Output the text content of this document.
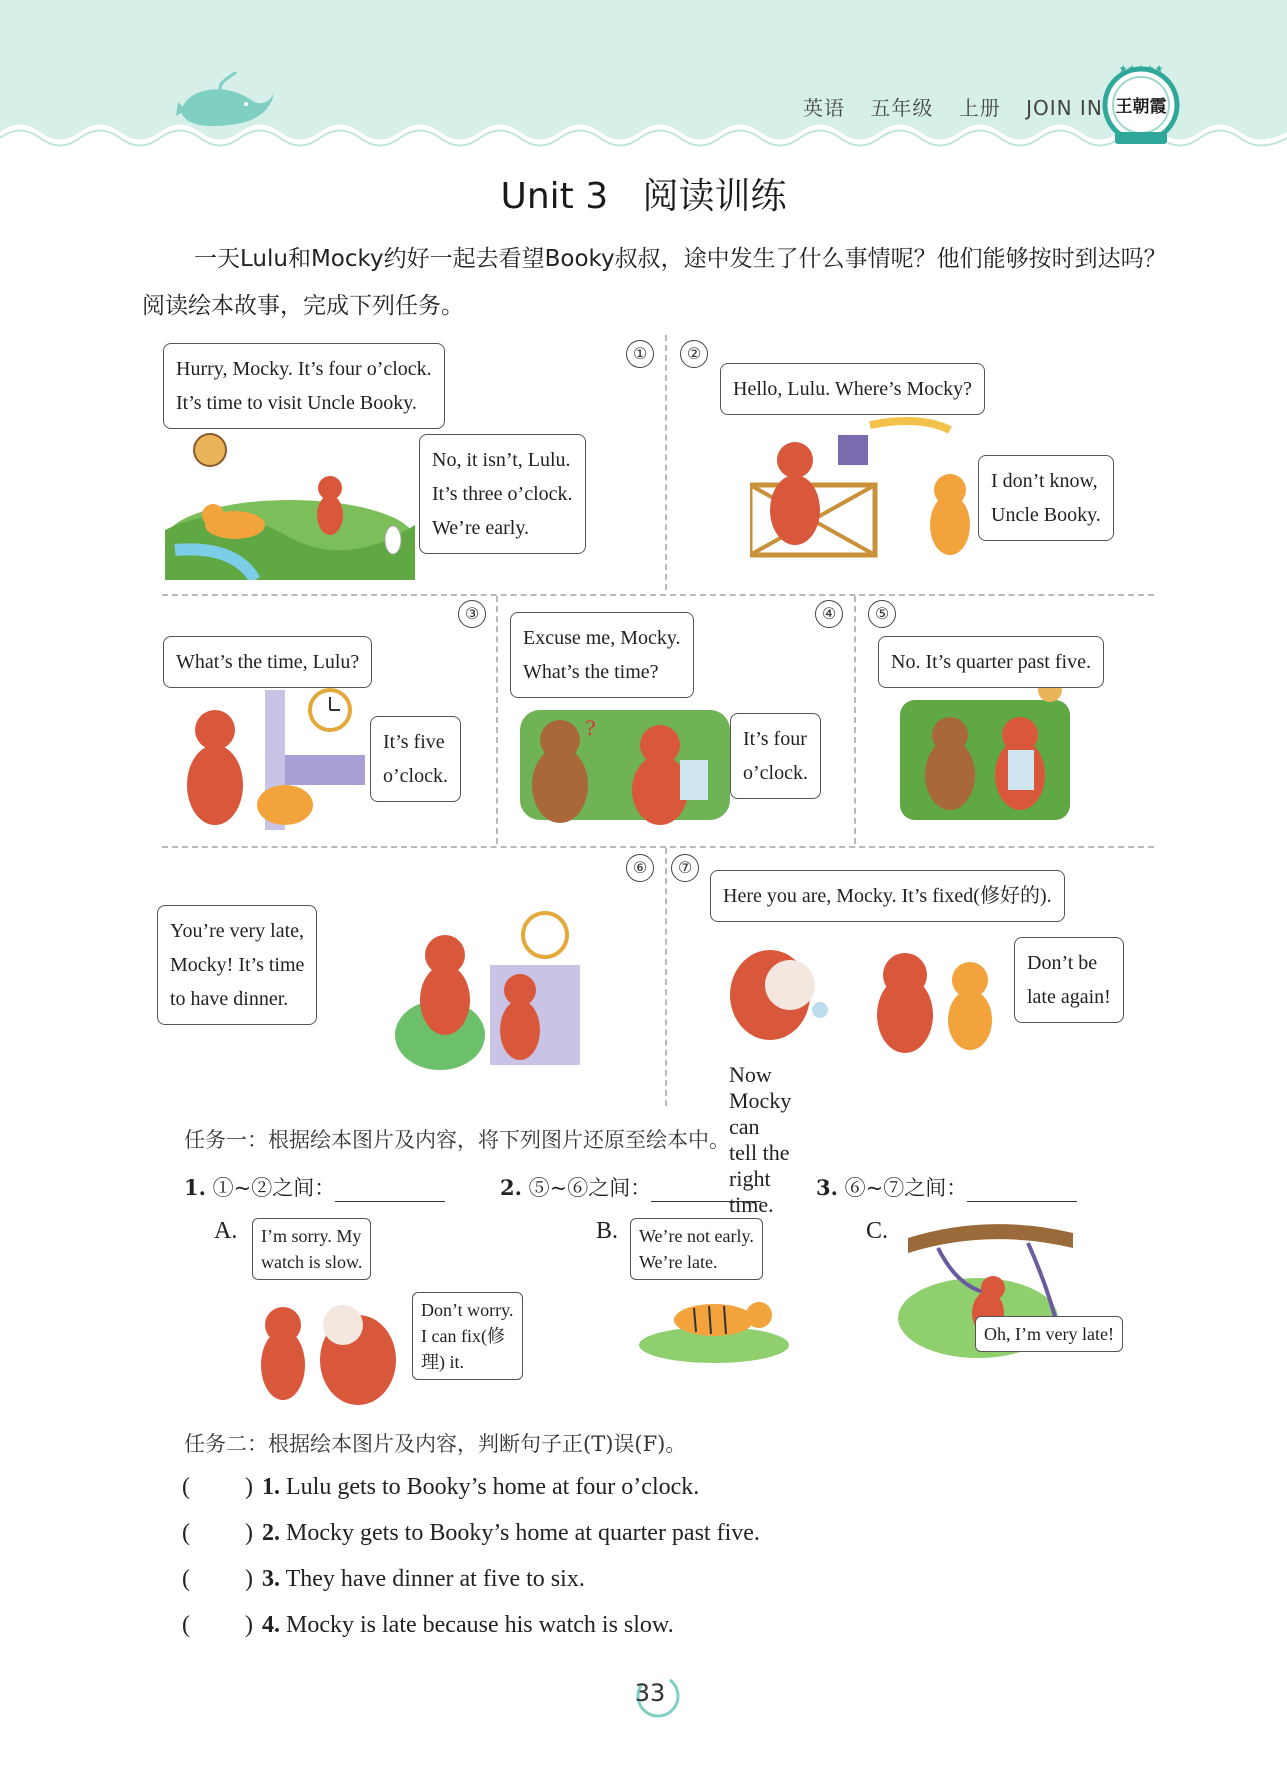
英语 五年级 上册 JOIN IN
★★★★★
王朝霞
Unit 3   阅读训练
一天Lulu和Mocky约好一起去看望Booky叔叔，途中发生了什么事情呢？他们能够按时到达吗？阅读绘本故事，完成下列任务。
①
Hurry, Mocky. It’s four o’clock.
It’s time to visit Uncle Booky.
No, it isn’t, Lulu.
It’s three o’clock.
We’re early.
②
Hello, Lulu. Where’s Mocky?
I don’t know,
Uncle Booky.
③
What’s the time, Lulu?
It’s five
o’clock.
④
?
Excuse me, Mocky.
What’s the time?
It’s four
o’clock.
⑤
No. It’s quarter past five.
⑥
You’re very late,
Mocky! It’s time
to have dinner.
⑦
Here you are, Mocky. It’s fixed(修好的).
Don’t be
late again!
Now Mocky can tell the right time.
任务一：根据绘本图片及内容，将下列图片还原至绘本中。
1. ①~②之间：	2. ⑤~⑥之间：	3. ⑥~⑦之间：
A. I’m sorry. My
watch is slow.
Don’t worry.
I can fix(修
理) it.
B. We’re not early.
We’re late.
C.
Oh, I’m very late!
任务二：根据绘本图片及内容，判断句子正(T)误(F)。
( ) 1. Lulu gets to Booky’s home at four o’clock.
( ) 2. Mocky gets to Booky’s home at quarter past five.
( ) 3. They have dinner at five to six.
( ) 4. Mocky is late because his watch is slow.
33
